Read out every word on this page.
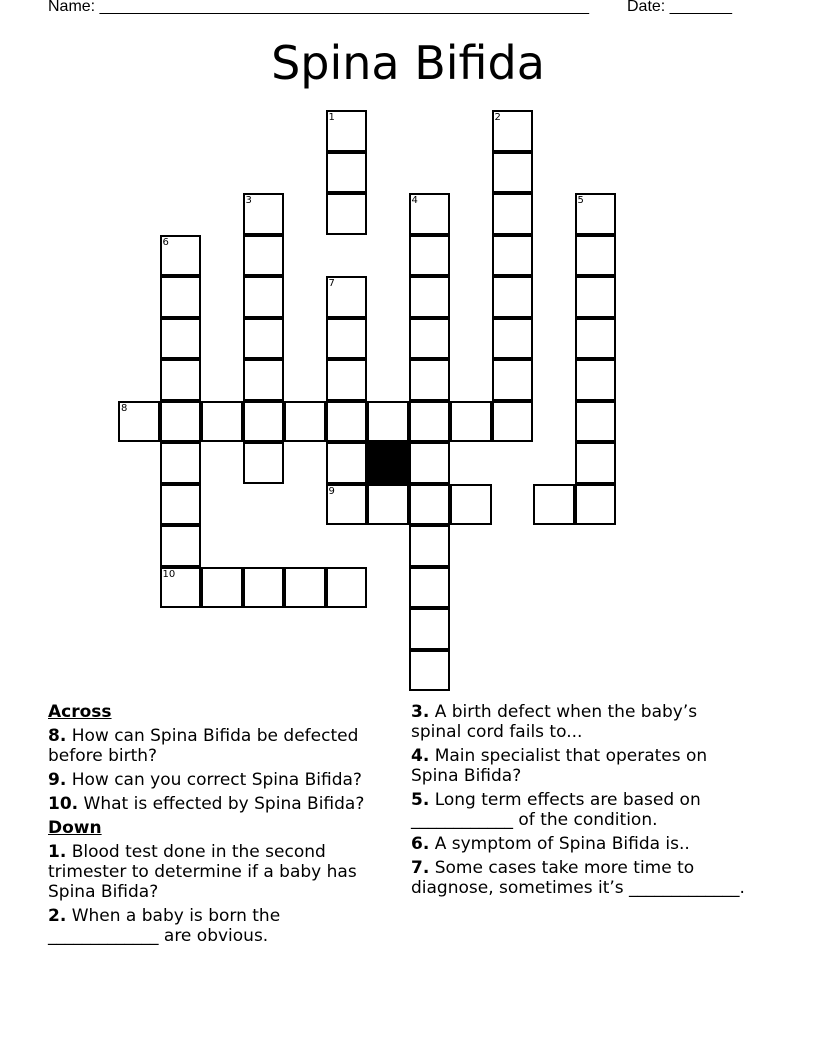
Name: _______________________________________________________ Date: _______
Spina Bifida
1	2
3	4	5
6
10
7
9
8
Across
8. How can Spina Bifida be defected before birth?
9. How can you correct Spina Bifida?
10. What is effected by Spina Bifida?
Down
1. Blood test done in the second trimester to determine if a baby has Spina Bifida?
2. When a baby is born the _____________ are obvious.
3. A birth defect when the baby’s spinal cord fails to...
4. Main specialist that operates on Spina Bifida?
5. Long term effects are based on ____________ of the condition.
6. A symptom of Spina Bifida is..
7. Some cases take more time to diagnose, sometimes it’s _____________.
